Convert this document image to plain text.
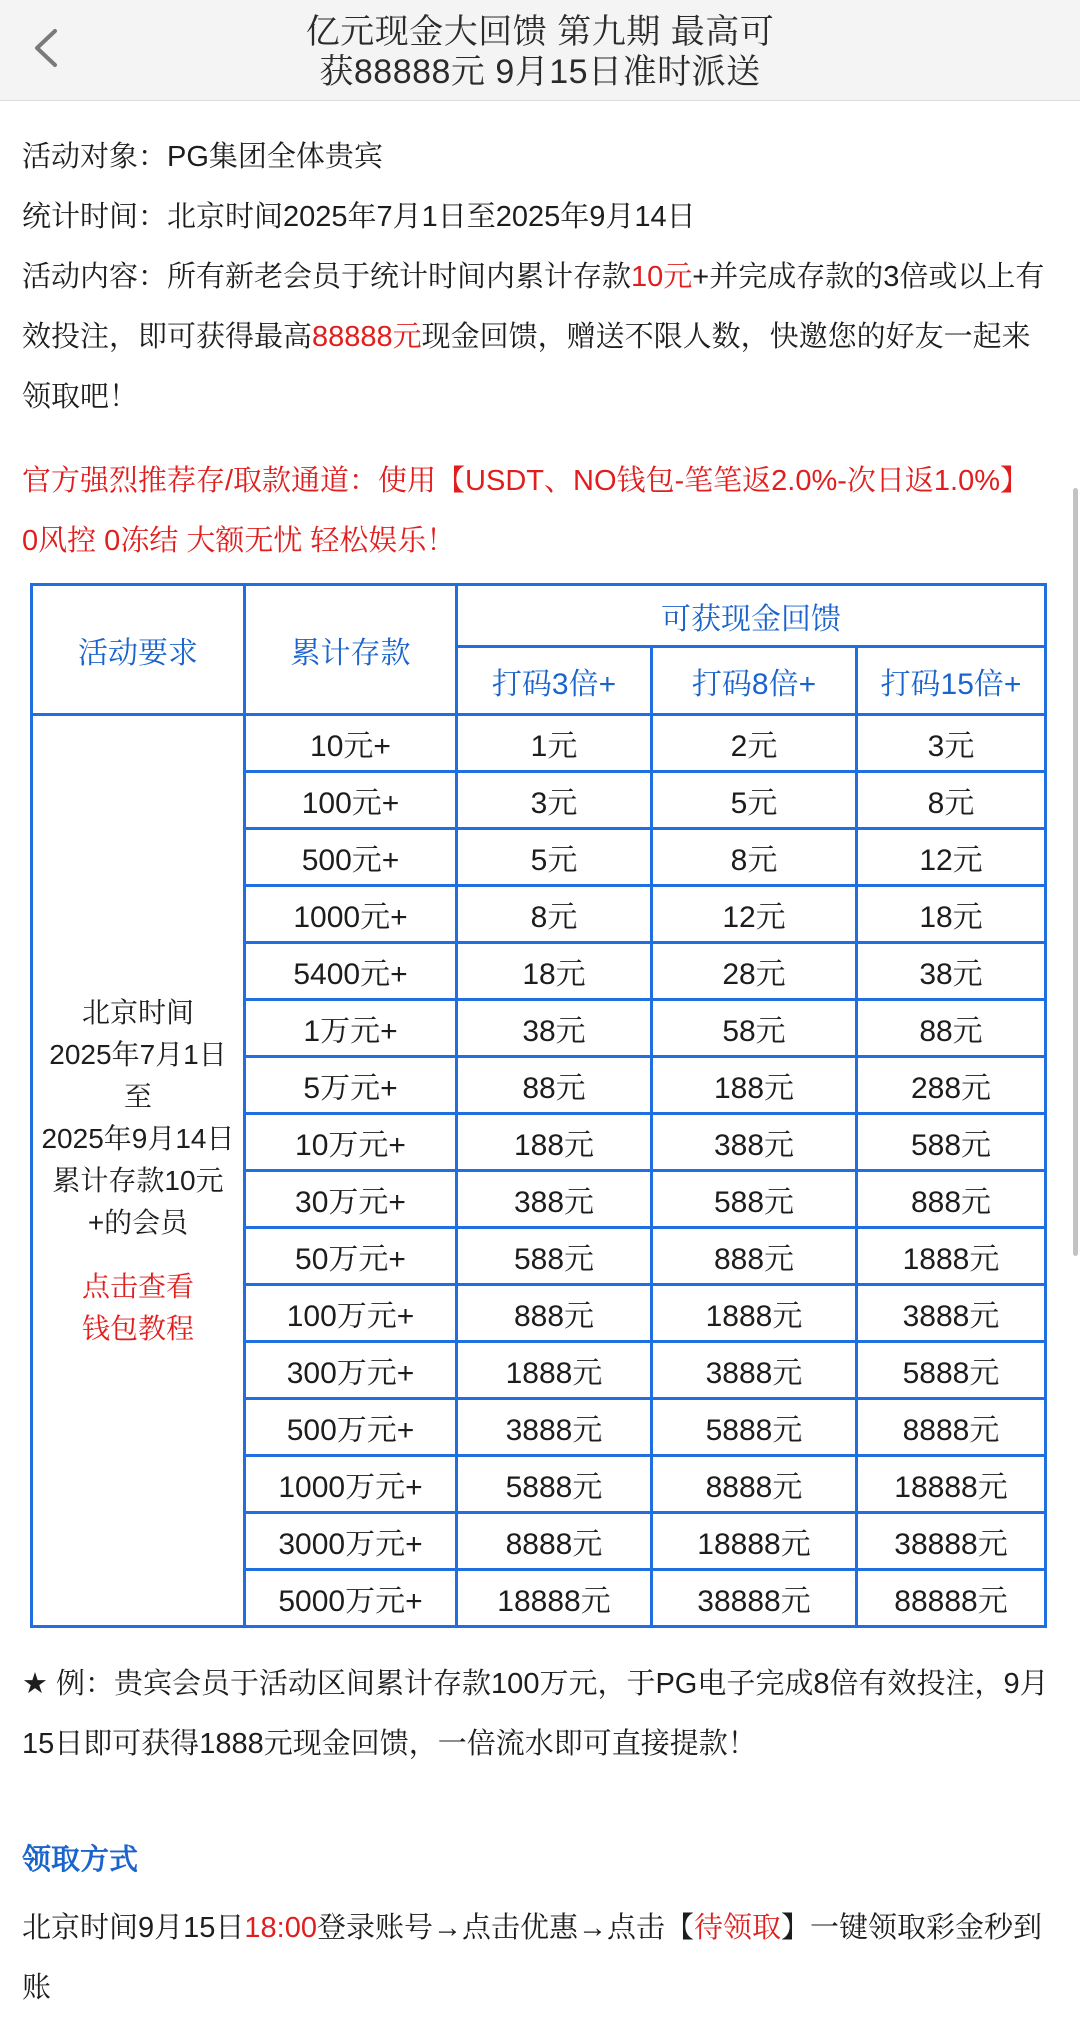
亿元现金大回馈 第九期 最高可
获88888元 9月15日准时派送

活动对象：PG集团全体贵宾

统计时间：北京时间2025年7月1日至2025年9月14日

活动内容：所有新老会员于统计时间内累计存款10元+并完成存款的3倍或以上有效投注，即可获得最高88888元现金回馈，赠送不限人数，快邀您的好友一起来领取吧！

官方强烈推荐存/取款通道：使用【USDT、NO钱包-笔笔返2.0%-次日返1.0%】
0风控 0冻结 大额无忧 轻松娱乐！

活动要求	累计存款	可获现金回馈		
		打码3倍+	打码8倍+	打码15倍+

北京时间
2025年7月1日
至
2025年9月14日
累计存款10元
+的会员
点击查看
钱包教程
	10元+	1元	2元	3元
	100元+	3元	5元	8元
	500元+	5元	8元	12元
	1000元+	8元	12元	18元
	5400元+	18元	28元	38元
	1万元+	38元	58元	88元
	5万元+	88元	188元	288元
	10万元+	188元	388元	588元
	30万元+	388元	588元	888元
	50万元+	588元	888元	1888元
	100万元+	888元	1888元	3888元
	300万元+	1888元	3888元	5888元
	500万元+	3888元	5888元	8888元
	1000万元+	5888元	8888元	18888元
	3000万元+	8888元	18888元	38888元
	5000万元+	18888元	38888元	88888元

★ 例：贵宾会员于活动区间累计存款100万元，于PG电子完成8倍有效投注，9月15日即可获得1888元现金回馈，一倍流水即可直接提款！

领取方式

北京时间9月15日18:00登录账号→点击优惠→点击【待领取】一键领取彩金秒到账
